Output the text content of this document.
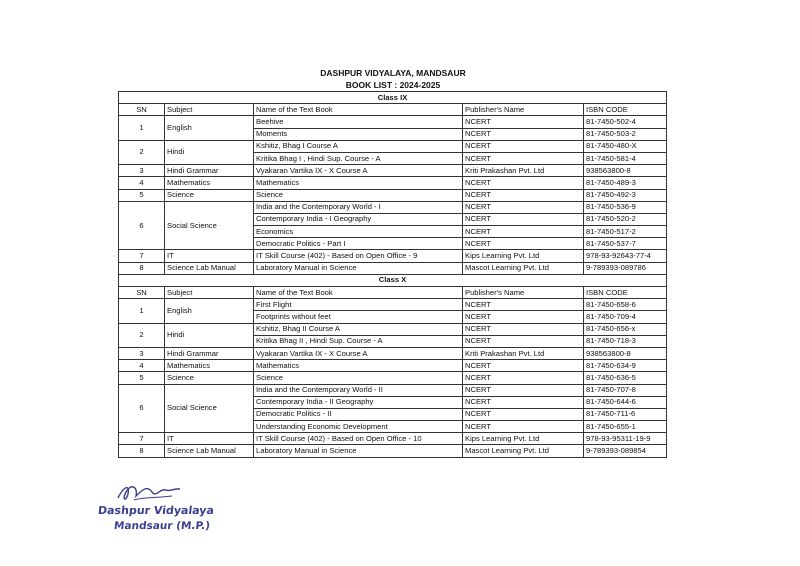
DASHPUR VIDYALAYA, MANDSAUR
BOOK LIST : 2024-2025
Class IX				
SN	Subject	Name of the Text Book	Publisher's Name	ISBN CODE
1	English	Beehive	NCERT	81-7450-502-4
		Moments	NCERT	81-7450-503-2
2	Hindi	Kshitiz, Bhag I Course A	NCERT	81-7450-480-X
		Kritika Bhag I , Hindi Sup. Course - A	NCERT	81-7450-581-4
3	Hindi Grammar	Vyakaran Vartika IX - X Course A	Kriti Prakashan Pvt. Ltd	938563800-8
4	Mathematics	Mathematics	NCERT	81-7450-489-3
5	Science	Science	NCERT	81-7450-492-3
6	Social Science	India and the Contemporary World - I	NCERT	81-7450-536-9
		Contemporary India - I Geography	NCERT	81-7450-520-2
		Economics	NCERT	81-7450-517-2
		Democratic Politics - Part I	NCERT	81-7450-537-7
7	IT	IT Skill Course (402) - Based on Open Office - 9	Kips Learning Pvt. Ltd	978-93-92643-77-4
8	Science Lab Manual	Laboratory Manual in Science	Mascot Learning Pvt. Ltd	9-789393-089786
Class X				
SN	Subject	Name of the Text Book	Publisher's Name	ISBN CODE
1	English	First Flight	NCERT	81-7450-658-6
		Footprints without feet	NCERT	81-7450-709-4
2	Hindi	Kshitiz, Bhag II Course A	NCERT	81-7450-656-x
		Kritika Bhag II , Hindi Sup. Course - A	NCERT	81-7450-718-3
3	Hindi Grammar	Vyakaran Vartika IX - X Course A	Kriti Prakashan Pvt. Ltd	938563800-8
4	Mathematics	Mathematics	NCERT	81-7450-634-9
5	Science	Science	NCERT	81-7450-636-5
6	Social Science	India and the Contemporary World - II	NCERT	81-7450-707-8
		Contemporary India - II Geography	NCERT	81-7450-644-6
		Democratic Politics - II	NCERT	81-7450-711-6
		Understanding Economic Development	NCERT	81-7450-655-1
7	IT	IT Skill Course (402) - Based on Open Office - 10	Kips Learning Pvt. Ltd	978-93-95311-19-9
8	Science Lab Manual	Laboratory Manual in Science	Mascot Learning Pvt. Ltd	9-789393-089854
Dashpur Vidyalaya
Mandsaur (M.P.)
